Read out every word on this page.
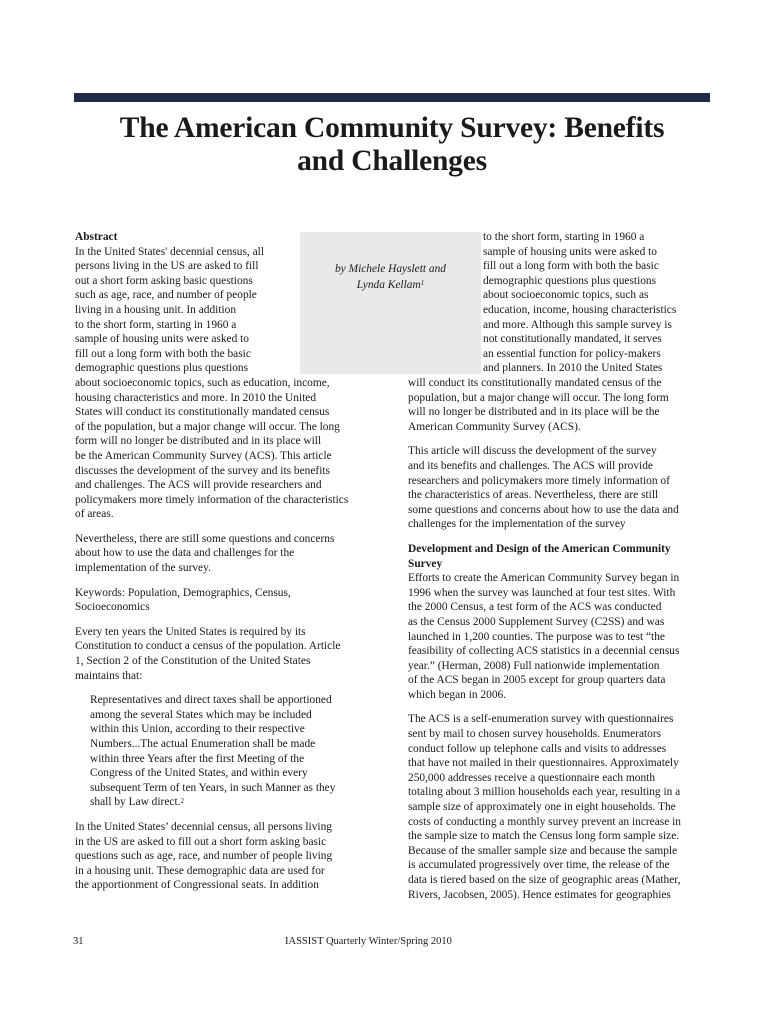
The American Community Survey: Benefits
and Challenges
by Michele Hayslett and
Lynda Kellam$^1$
Abstract
In the United States' decennial census, all
persons living in the US are asked to fill
out a short form asking basic questions
such as age, race, and number of people
living in a housing unit. In addition
to the short form, starting in 1960 a
sample of housing units were asked to
fill out a long form with both the basic
demographic questions plus questions
about socioeconomic topics, such as education, income,
housing characteristics and more. In 2010 the United
States will conduct its constitutionally mandated census
of the population, but a major change will occur. The long
form will no longer be distributed and in its place will
be the American Community Survey (ACS). This article
discusses the development of the survey and its benefits
and challenges. The ACS will provide researchers and
policymakers more timely information of the characteristics
of areas.
Nevertheless, there are still some questions and concerns
about how to use the data and challenges for the
implementation of the survey.
Keywords: Population, Demographics, Census,
Socioeconomics
Every ten years the United States is required by its
Constitution to conduct a census of the population. Article
1, Section 2 of the Constitution of the United States
maintains that:
Representatives and direct taxes shall be apportioned
among the several States which may be included
within this Union, according to their respective
Numbers...The actual Enumeration shall be made
within three Years after the first Meeting of the
Congress of the United States, and within every
subsequent Term of ten Years, in such Manner as they
shall by Law direct.$^2$
In the United States’ decennial census, all persons living
in the US are asked to fill out a short form asking basic
questions such as age, race, and number of people living
in a housing unit. These demographic data are used for
the apportionment of Congressional seats. In addition
to the short form, starting in 1960 a
sample of housing units were asked to
fill out a long form with both the basic
demographic questions plus questions
about socioeconomic topics, such as
education, income, housing characteristics
and more. Although this sample survey is
not constitutionally mandated, it serves
an essential function for policy-makers
and planners. In 2010 the United States
will conduct its constitutionally mandated census of the
population, but a major change will occur. The long form
will no longer be distributed and in its place will be the
American Community Survey (ACS).
This article will discuss the development of the survey
and its benefits and challenges. The ACS will provide
researchers and policymakers more timely information of
the characteristics of areas. Nevertheless, there are still
some questions and concerns about how to use the data and
challenges for the implementation of the survey
Development and Design of the American Community
Survey
Efforts to create the American Community Survey began in
1996 when the survey was launched at four test sites. With
the 2000 Census, a test form of the ACS was conducted
as the Census 2000 Supplement Survey (C2SS) and was
launched in 1,200 counties. The purpose was to test “the
feasibility of collecting ACS statistics in a decennial census
year.” (Herman, 2008) Full nationwide implementation
of the ACS began in 2005 except for group quarters data
which began in 2006.
The ACS is a self-enumeration survey with questionnaires
sent by mail to chosen survey households. Enumerators
conduct follow up telephone calls and visits to addresses
that have not mailed in their questionnaires. Approximately
250,000 addresses receive a questionnaire each month
totaling about 3 million households each year, resulting in a
sample size of approximately one in eight households. The
costs of conducting a monthly survey prevent an increase in
the sample size to match the Census long form sample size.
Because of the smaller sample size and because the sample
is accumulated progressively over time, the release of the
data is tiered based on the size of geographic areas (Mather,
Rivers, Jacobsen, 2005). Hence estimates for geographies
31	IASSIST Quarterly Winter/Spring 2010
